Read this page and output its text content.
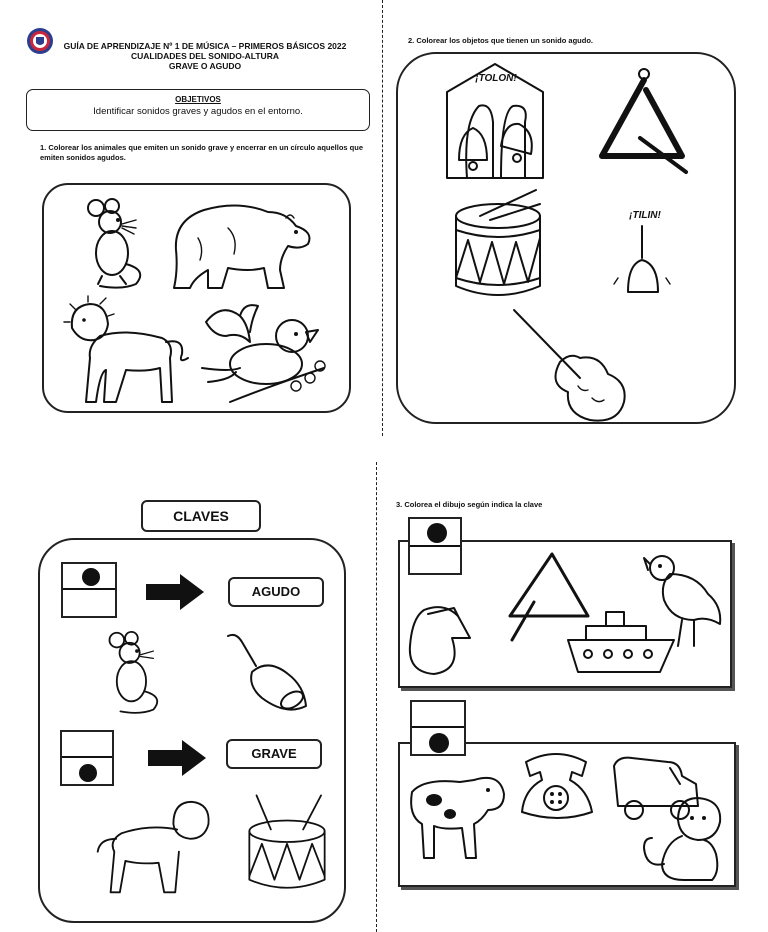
GUÍA DE APRENDIZAJE Nº 1 DE MÚSICA – PRIMEROS BÁSICOS 2022
CUALIDADES DEL SONIDO-ALTURA
GRAVE O AGUDO
OBJETIVOS
Identificar sonidos graves y agudos en el entorno.
1. Colorear los animales que emiten un sonido grave y encerrar en un círculo aquellos que emiten sonidos agudos.
2. Colorear los objetos que tienen un sonido agudo.
¡TOLON!
¡TILIN!
CLAVES
AGUDO
GRAVE
3. Colorea el dibujo según indica la clave
